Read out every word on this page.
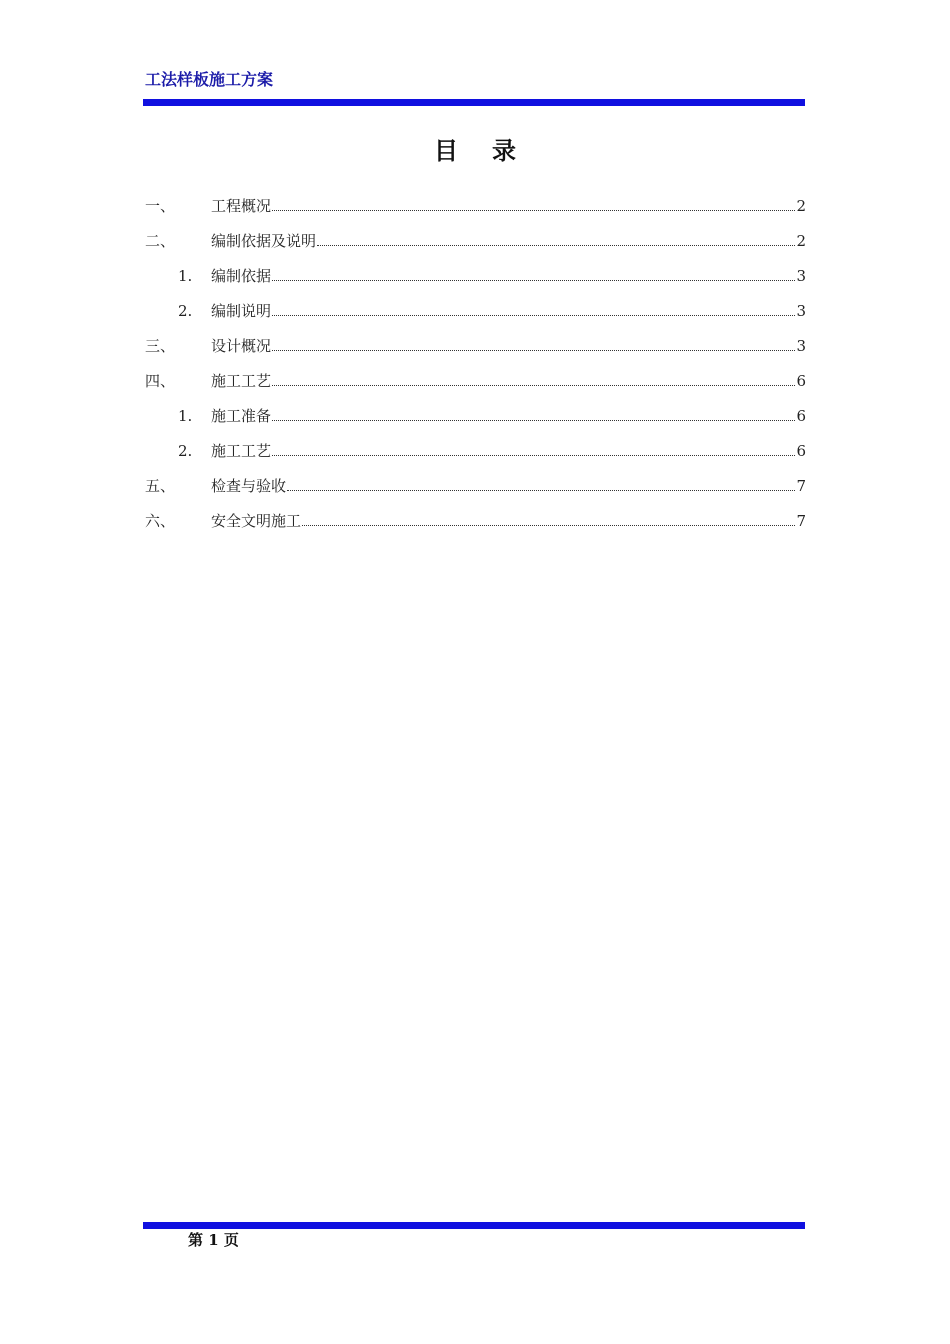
工法样板施工方案
目 录
一、	工程概况	2
二、	编制依据及说明	2
1.	编制依据	3
2.	编制说明	3
三、	设计概况	3
四、	施工工艺	6
1.	施工准备	6
2.	施工工艺	6
五、	检查与验收	7
六、	安全文明施工	7
第 1 页
